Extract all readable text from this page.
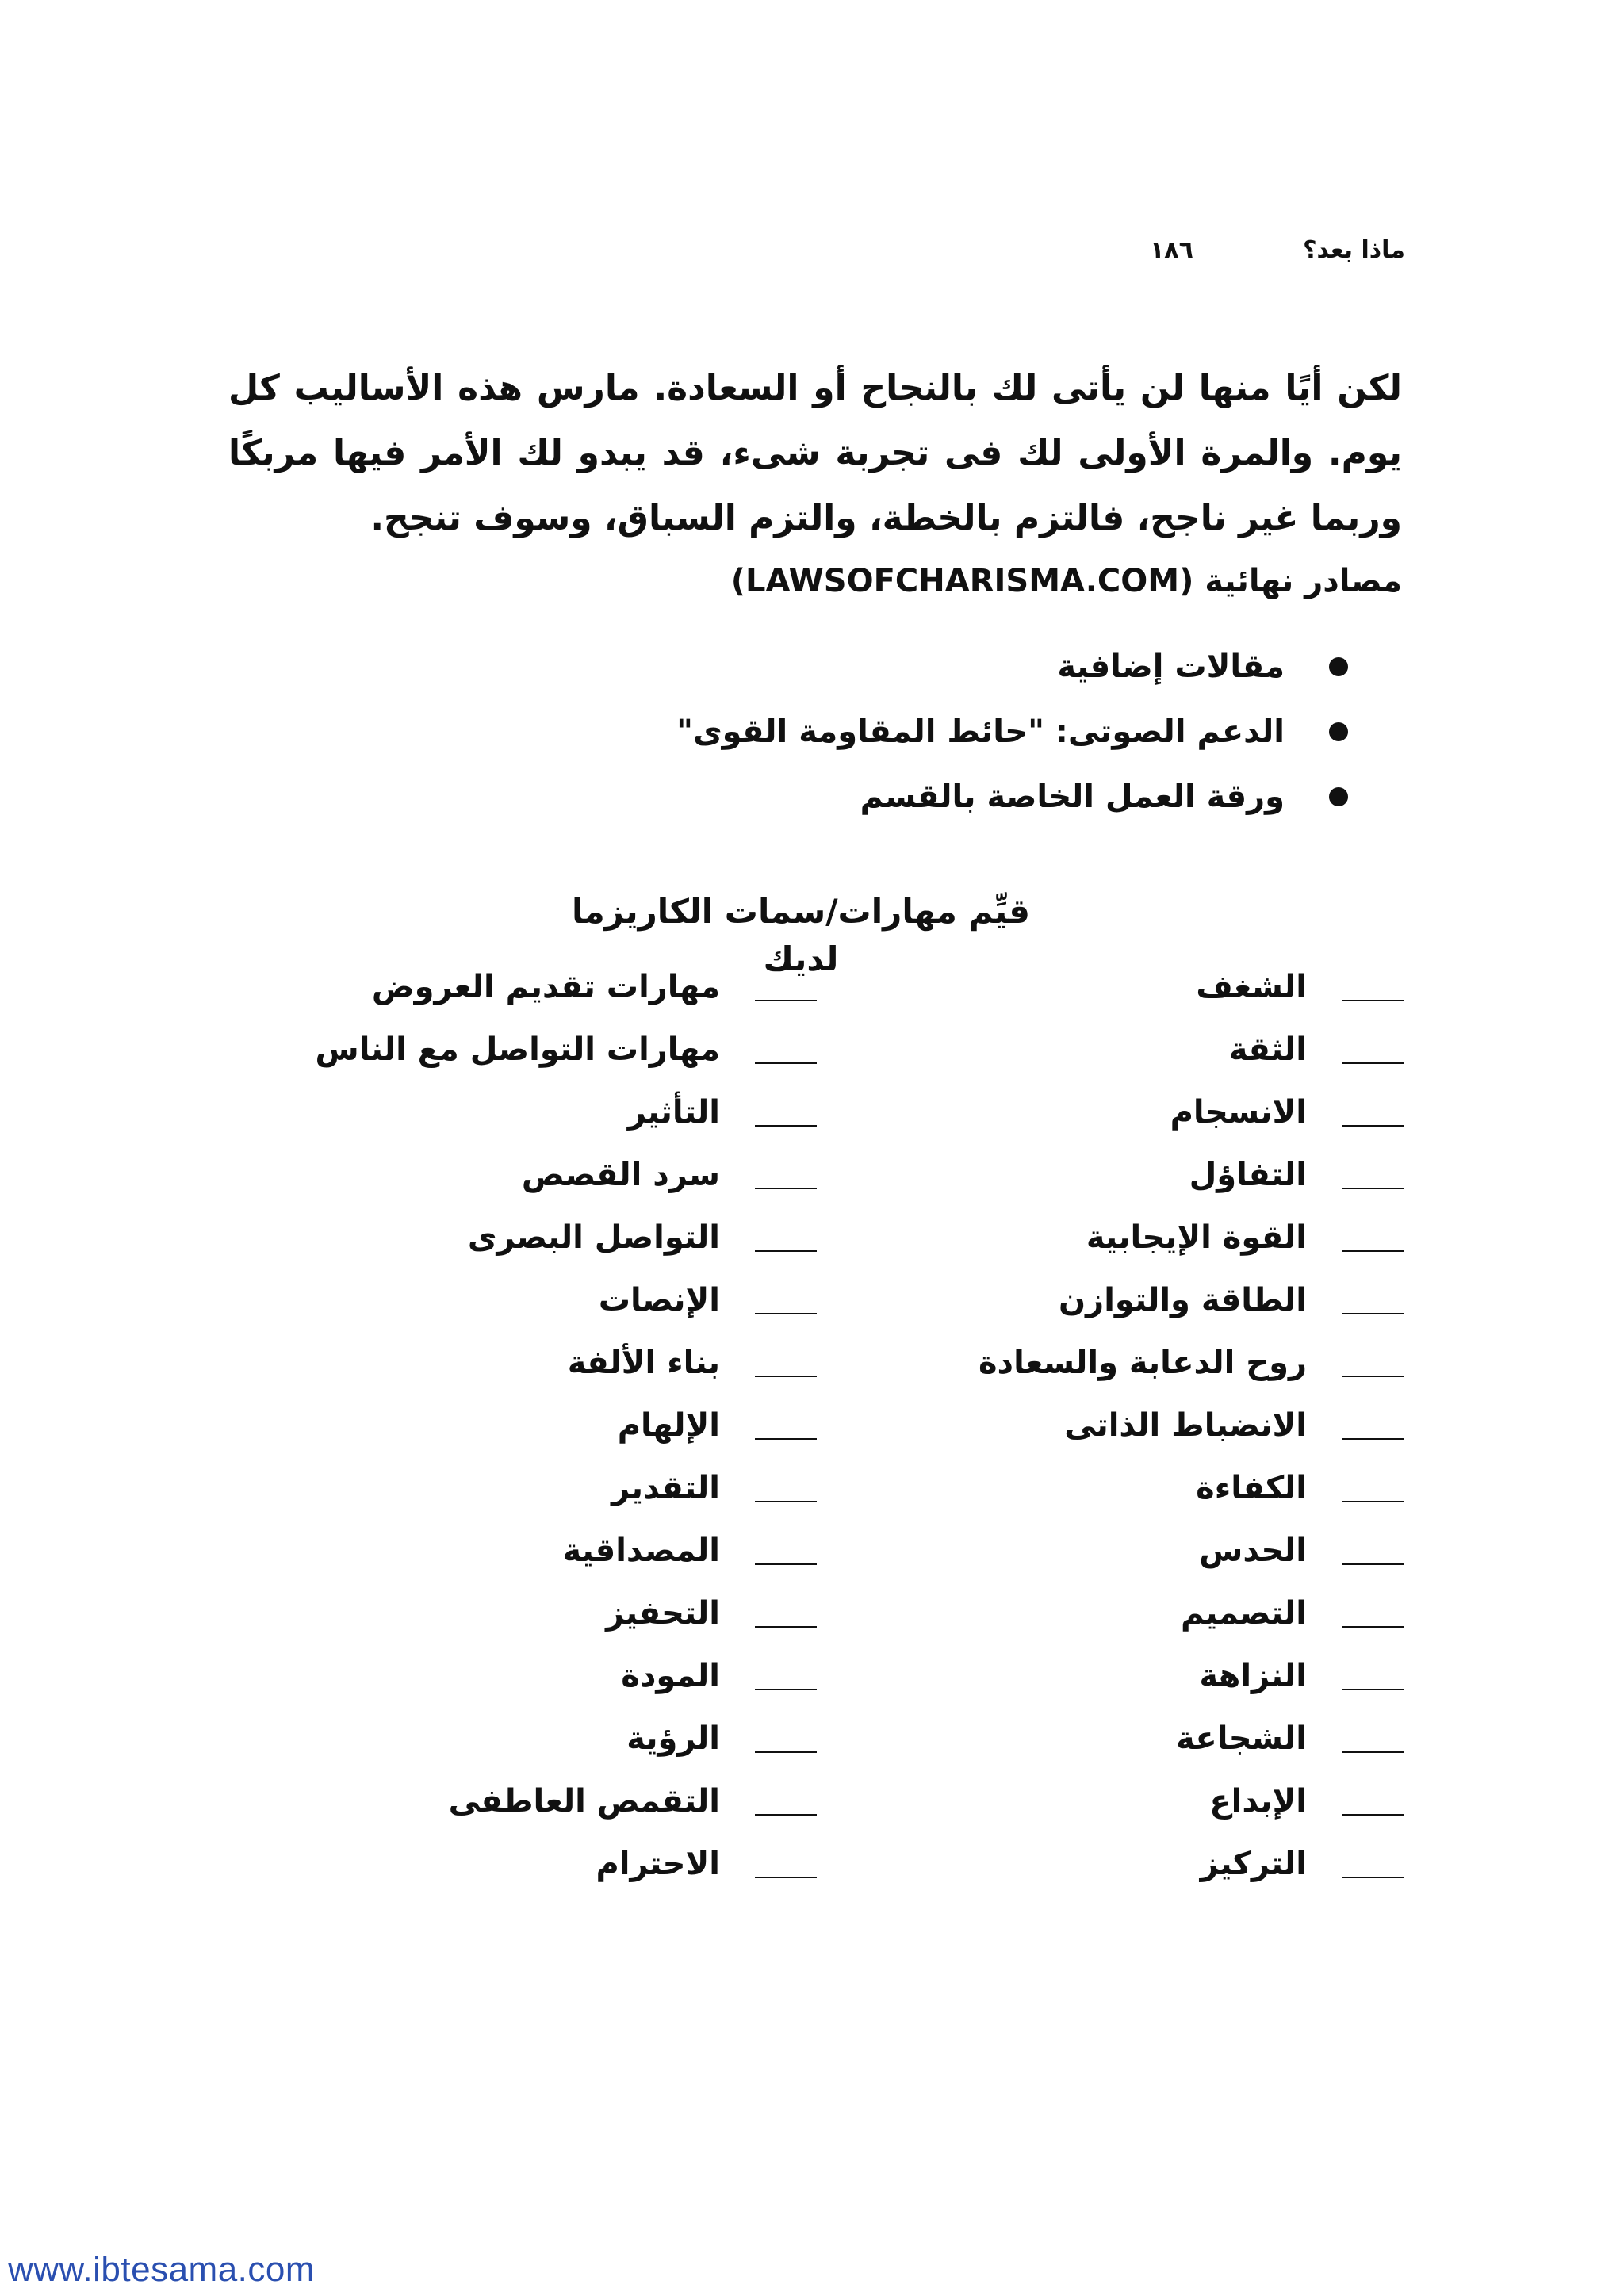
١٨٦	ماذا بعد؟

لكن أيًا منها لن يأتى لك بالنجاح أو السعادة. مارس هذه الأساليب كل يوم. والمرة الأولى لك فى تجربة شىء، قد يبدو لك الأمر فيها مربكًا وربما غير ناجح، فالتزم بالخطة، والتزم السباق، وسوف تنجح.

مصادر نهائية (LAWSOFCHARISMA.COM)
مقالات إضافية
الدعم الصوتى: "حائط المقاومة القوى"
ورقة العمل الخاصة بالقسم
قيِّم مهارات/سمات الكاريزما لديك
الشغف
مهارات تقديم العروض
الثقة
مهارات التواصل مع الناس
الانسجام
التأثير
التفاؤل
سرد القصص
القوة الإيجابية
التواصل البصرى
الطاقة والتوازن
الإنصات
روح الدعابة والسعادة
بناء الألفة
الانضباط الذاتى
الإلهام
الكفاءة
التقدير
الحدس
المصداقية
التصميم
التحفيز
النزاهة
المودة
الشجاعة
الرؤية
الإبداع
التقمص العاطفى
التركيز
الاحترام
www.ibtesama.com
